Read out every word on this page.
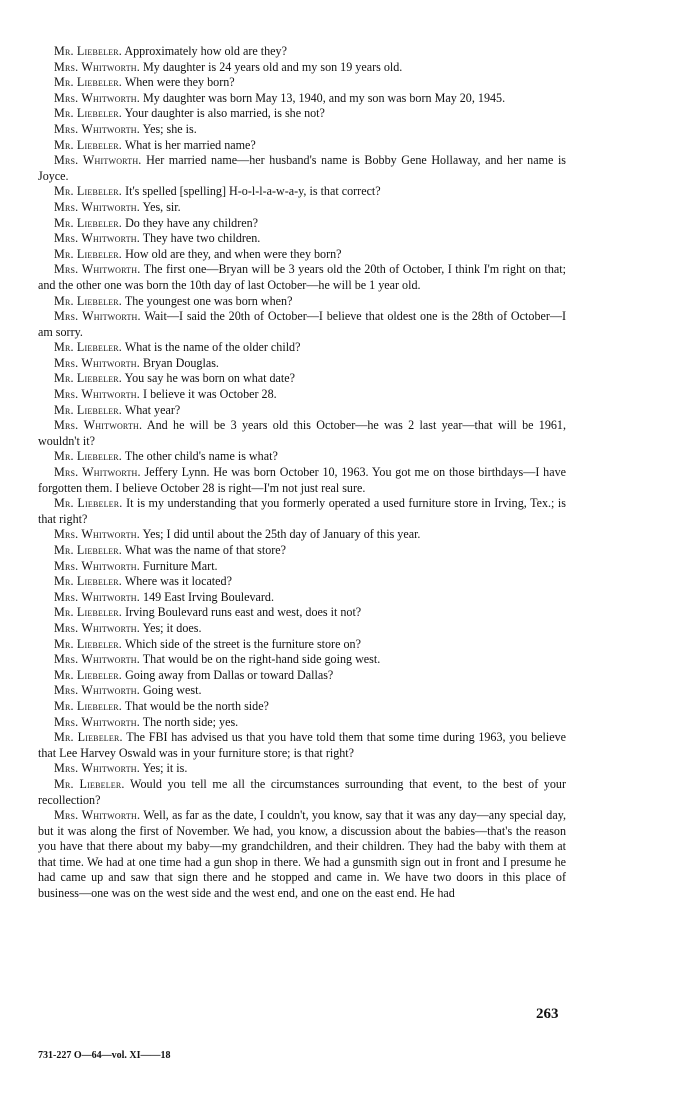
Mr. Liebeler. Approximately how old are they?

Mrs. Whitworth. My daughter is 24 years old and my son 19 years old.

Mr. Liebeler. When were they born?

Mrs. Whitworth. My daughter was born May 13, 1940, and my son was born May 20, 1945.

Mr. Liebeler. Your daughter is also married, is she not?

Mrs. Whitworth. Yes; she is.

Mr. Liebeler. What is her married name?

Mrs. Whitworth. Her married name—her husband's name is Bobby Gene Hollaway, and her name is Joyce.

Mr. Liebeler. It's spelled [spelling] H-o-l-l-a-w-a-y, is that correct?

Mrs. Whitworth. Yes, sir.

Mr. Liebeler. Do they have any children?

Mrs. Whitworth. They have two children.

Mr. Liebeler. How old are they, and when were they born?

Mrs. Whitworth. The first one—Bryan will be 3 years old the 20th of October, I think I'm right on that; and the other one was born the 10th day of last October—he will be 1 year old.

Mr. Liebeler. The youngest one was born when?

Mrs. Whitworth. Wait—I said the 20th of October—I believe that oldest one is the 28th of October—I am sorry.

Mr. Liebeler. What is the name of the older child?

Mrs. Whitworth. Bryan Douglas.

Mr. Liebeler. You say he was born on what date?

Mrs. Whitworth. I believe it was October 28.

Mr. Liebeler. What year?

Mrs. Whitworth. And he will be 3 years old this October—he was 2 last year—that will be 1961, wouldn't it?

Mr. Liebeler. The other child's name is what?

Mrs. Whitworth. Jeffery Lynn. He was born October 10, 1963. You got me on those birthdays—I have forgotten them. I believe October 28 is right—I'm not just real sure.

Mr. Liebeler. It is my understanding that you formerly operated a used furniture store in Irving, Tex.; is that right?

Mrs. Whitworth. Yes; I did until about the 25th day of January of this year.

Mr. Liebeler. What was the name of that store?

Mrs. Whitworth. Furniture Mart.

Mr. Liebeler. Where was it located?

Mrs. Whitworth. 149 East Irving Boulevard.

Mr. Liebeler. Irving Boulevard runs east and west, does it not?

Mrs. Whitworth. Yes; it does.

Mr. Liebeler. Which side of the street is the furniture store on?

Mrs. Whitworth. That would be on the right-hand side going west.

Mr. Liebeler. Going away from Dallas or toward Dallas?

Mrs. Whitworth. Going west.

Mr. Liebeler. That would be the north side?

Mrs. Whitworth. The north side; yes.

Mr. Liebeler. The FBI has advised us that you have told them that some time during 1963, you believe that Lee Harvey Oswald was in your furniture store; is that right?

Mrs. Whitworth. Yes; it is.

Mr. Liebeler. Would you tell me all the circumstances surrounding that event, to the best of your recollection?

Mrs. Whitworth. Well, as far as the date, I couldn't, you know, say that it was any day—any special day, but it was along the first of November. We had, you know, a discussion about the babies—that's the reason you have that there about my baby—my grandchildren, and their children. They had the baby with them at that time. We had at one time had a gun shop in there. We had a gunsmith sign out in front and I presume he had came up and saw that sign there and he stopped and came in. We have two doors in this place of business—one was on the west side and the west end, and one on the east end. He had

263
731-227 O—64—vol. XI——18
